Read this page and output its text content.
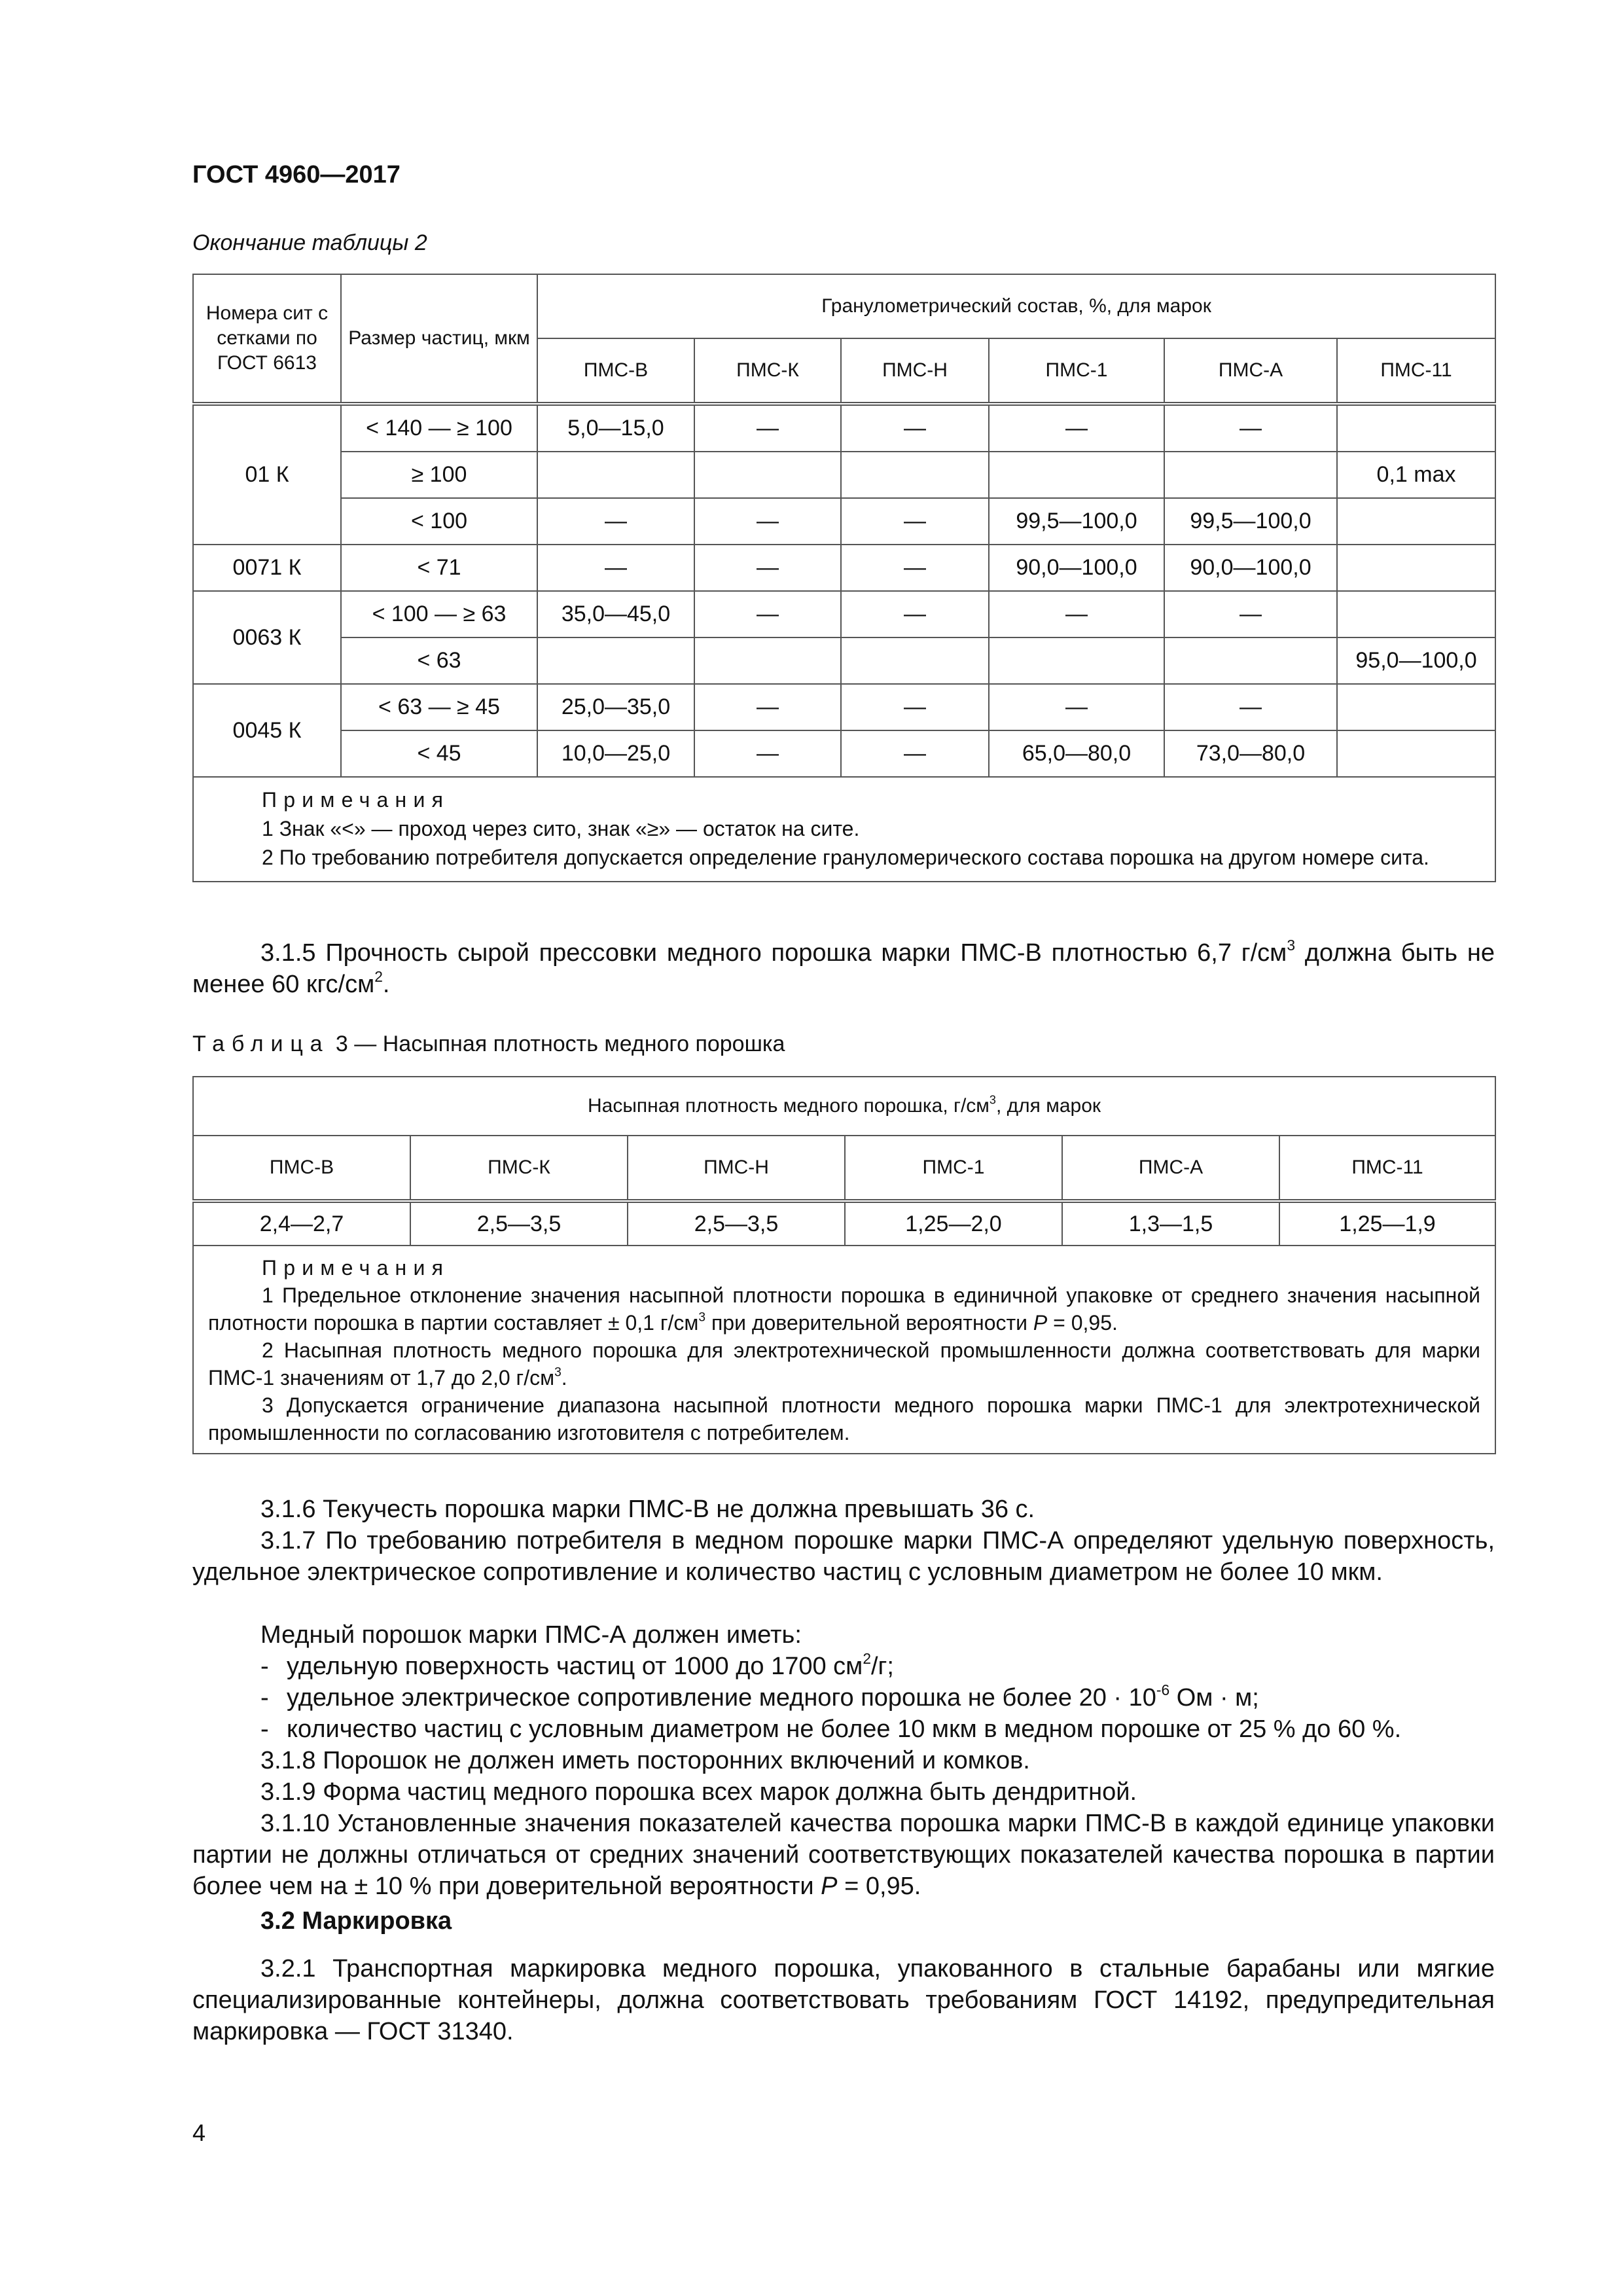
ГОСТ 4960—2017
Окончание таблицы 2
Номера сит с сетками по ГОСТ 6613	Размер частиц, мкм	Гранулометрический состав, %, для марок					
		ПМС-В	ПМС-К	ПМС-Н	ПМС-1	ПМС-А	ПМС-11
01 К	< 140 — ≥ 100	5,0—15,0	—	—	—	—	
	≥ 100						0,1 max
	< 100	—	—	—	99,5—100,0	99,5—100,0	
0071 К	< 71	—	—	—	90,0—100,0	90,0—100,0	
0063 К	< 100 — ≥ 63	35,0—45,0	—	—	—	—	
	< 63						95,0—100,0
0045 К	< 63 — ≥ 45	25,0—35,0	—	—	—	—	
	< 45	10,0—25,0	—	—	65,0—80,0	73,0—80,0	

Примечания
1 Знак «<» — проход через сито, знак «≥» — остаток на сите.
2 По требованию потребителя допускается определение грануломерического состава порошка на другом номере сита.							
3.1.5 Прочность сырой прессовки медного порошка марки ПМС-В плотностью 6,7 $г/см^3$ должна быть не менее 60 кгс/$см^2$.
Таблица 3 — Насыпная плотность медного порошка
Насыпная плотность медного порошка, $г/см^3$, для марок					
ПМС-В	ПМС-К	ПМС-Н	ПМС-1	ПМС-А	ПМС-11
2,4—2,7	2,5—3,5	2,5—3,5	1,25—2,0	1,3—1,5	1,25—1,9

Примечания
1 Предельное отклонение значения насыпной плотности порошка в единичной упаковке от среднего значения насыпной плотности порошка в партии составляет ± 0,1 $г/см^3$ при доверительной вероятности P = 0,95.
2 Насыпная плотность медного порошка для электротехнической промышленности должна соответствовать для марки ПМС-1 значениям от 1,7 до 2,0 $г/см^3$.
3 Допускается ограничение диапазона насыпной плотности медного порошка марки ПМС-1 для электротехнической промышленности по согласованию изготовителя с потребителем.					
3.1.6 Текучесть порошка марки ПМС-В не должна превышать 36 с.
3.1.7 По требованию потребителя в медном порошке марки ПМС-А определяют удельную поверхность, удельное электрическое сопротивление и количество частиц с условным диаметром не более 10 мкм.
Медный порошок марки ПМС-А должен иметь:
- удельную поверхность частиц от 1000 до 1700 $см^2/г$;
- удельное электрическое сопротивление медного порошка не более $20 \cdot 10^{-6}$ Ом · м;
- количество частиц с условным диаметром не более 10 мкм в медном порошке от 25 % до 60 %.
3.1.8 Порошок не должен иметь посторонних включений и комков.
3.1.9 Форма частиц медного порошка всех марок должна быть дендритной.
3.1.10 Установленные значения показателей качества порошка марки ПМС-В в каждой единице упаковки партии не должны отличаться от средних значений соответствующих показателей качества порошка в партии более чем на ± 10 % при доверительной вероятности P = 0,95.
3.2 Маркировка
3.2.1 Транспортная маркировка медного порошка, упакованного в стальные барабаны или мягкие специализированные контейнеры, должна соответствовать требованиям ГОСТ 14192, предупредительная маркировка — ГОСТ 31340.
4
